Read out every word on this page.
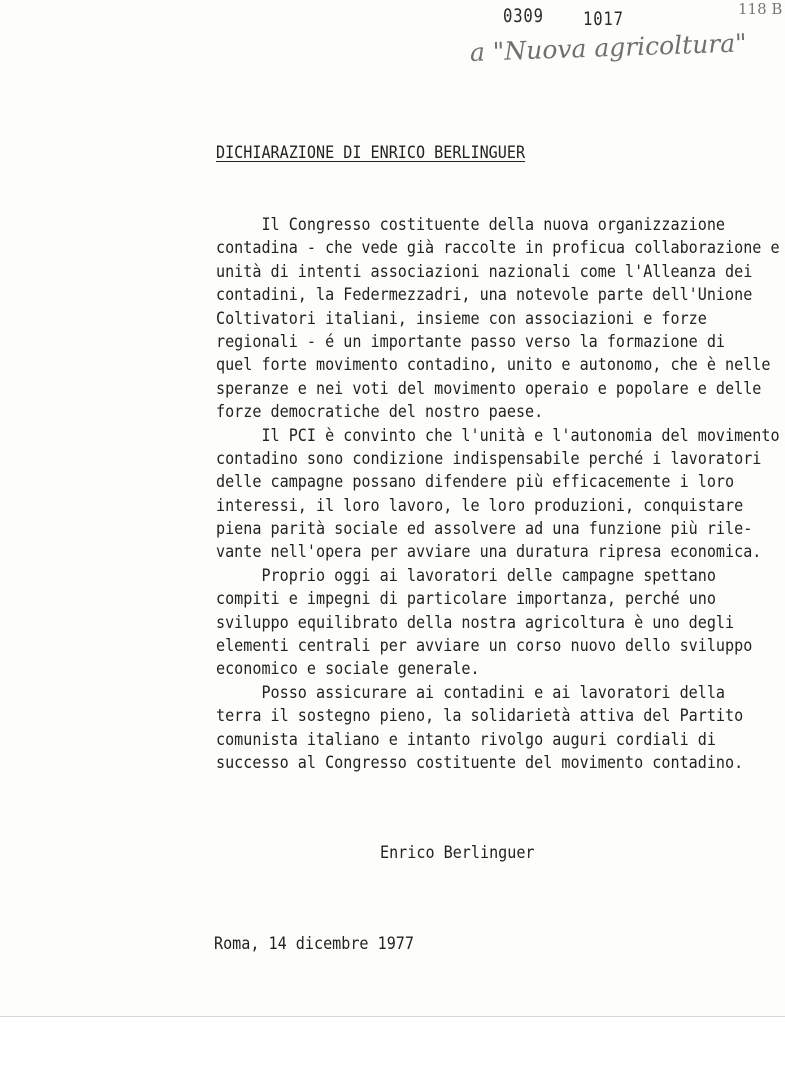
0309 1017	118 B
a "Nuova agricoltura"
DICHIARAZIONE DI ENRICO BERLINGUER
Il Congresso costituente della nuova organizzazione
contadina - che vede già raccolte in proficua collaborazione e
unità di intenti associazioni nazionali come l'Alleanza dei
contadini, la Federmezzadri, una notevole parte dell'Unione
Coltivatori italiani, insieme con associazioni e forze
regionali - é un importante passo verso la formazione di
quel forte movimento contadino, unito e autonomo, che è nelle
speranze e nei voti del movimento operaio e popolare e delle
forze democratiche del nostro paese.
Il PCI è convinto che l'unità e l'autonomia del movimento
contadino sono condizione indispensabile perché i lavoratori
delle campagne possano difendere più efficacemente i loro
interessi, il loro lavoro, le loro produzioni, conquistare
piena parità sociale ed assolvere ad una funzione più rile-
vante nell'opera per avviare una duratura ripresa economica.
Proprio oggi ai lavoratori delle campagne spettano
compiti e impegni di particolare importanza, perché uno
sviluppo equilibrato della nostra agricoltura è uno degli
elementi centrali per avviare un corso nuovo dello sviluppo
economico e sociale generale.
Posso assicurare ai contadini e ai lavoratori della
terra il sostegno pieno, la solidarietà attiva del Partito
comunista italiano e intanto rivolgo auguri cordiali di
successo al Congresso costituente del movimento contadino.
Enrico Berlinguer
Roma, 14 dicembre 1977
